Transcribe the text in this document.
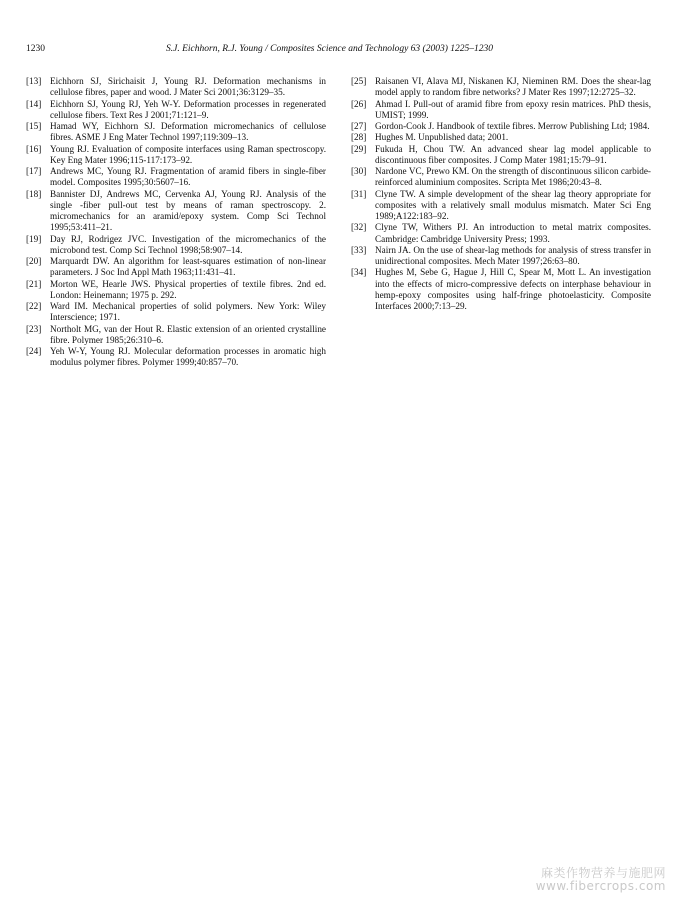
1230	S.J. Eichhorn, R.J. Young / Composites Science and Technology 63 (2003) 1225–1230

[13] Eichhorn SJ, Sirichaisit J, Young RJ. Deformation mechanisms in cellulose fibres, paper and wood. J Mater Sci 2001;36:3129–35.

[14] Eichhorn SJ, Young RJ, Yeh W-Y. Deformation processes in regenerated cellulose fibers. Text Res J 2001;71:121–9.

[15] Hamad WY, Eichhorn SJ. Deformation micromechanics of cellulose fibres. ASME J Eng Mater Technol 1997;119:309–13.

[16] Young RJ. Evaluation of composite interfaces using Raman spectroscopy. Key Eng Mater 1996;115-117:173–92.

[17] Andrews MC, Young RJ. Fragmentation of aramid fibers in single-fiber model. Composites 1995;30:5607–16.

[18] Bannister DJ, Andrews MC, Cervenka AJ, Young RJ. Analysis of the single -fiber pull-out test by means of raman spectroscopy. 2. micromechanics for an aramid/epoxy system. Comp Sci Technol 1995;53:411–21.

[19] Day RJ, Rodrigez JVC. Investigation of the micromechanics of the microbond test. Comp Sci Technol 1998;58:907–14.

[20] Marquardt DW. An algorithm for least-squares estimation of non-linear parameters. J Soc Ind Appl Math 1963;11:431–41.

[21] Morton WE, Hearle JWS. Physical properties of textile fibres. 2nd ed. London: Heinemann; 1975 p. 292.

[22] Ward IM. Mechanical properties of solid polymers. New York: Wiley Interscience; 1971.

[23] Northolt MG, van der Hout R. Elastic extension of an oriented crystalline fibre. Polymer 1985;26:310–6.

[24] Yeh W-Y, Young RJ. Molecular deformation processes in aromatic high modulus polymer fibres. Polymer 1999;40:857–70.

[25] Raisanen VI, Alava MJ, Niskanen KJ, Nieminen RM. Does the shear-lag model apply to random fibre networks? J Mater Res 1997;12:2725–32.

[26] Ahmad I. Pull-out of aramid fibre from epoxy resin matrices. PhD thesis, UMIST; 1999.

[27] Gordon-Cook J. Handbook of textile fibres. Merrow Publishing Ltd; 1984.

[28] Hughes M. Unpublished data; 2001.

[29] Fukuda H, Chou TW. An advanced shear lag model applicable to discontinuous fiber composites. J Comp Mater 1981;15:79–91.

[30] Nardone VC, Prewo KM. On the strength of discontinuous silicon carbide-reinforced aluminium composites. Scripta Met 1986;20:43–8.

[31] Clyne TW. A simple development of the shear lag theory appropriate for composites with a relatively small modulus mismatch. Mater Sci Eng 1989;A122:183–92.

[32] Clyne TW, Withers PJ. An introduction to metal matrix composites. Cambridge: Cambridge University Press; 1993.

[33] Nairn JA. On the use of shear-lag methods for analysis of stress transfer in unidirectional composites. Mech Mater 1997;26:63–80.

[34] Hughes M, Sebe G, Hague J, Hill C, Spear M, Mott L. An investigation into the effects of micro-compressive defects on interphase behaviour in hemp-epoxy composites using half-fringe photoelasticity. Composite Interfaces 2000;7:13–29.

麻类作物营养与施肥网
www.fibercrops.com
